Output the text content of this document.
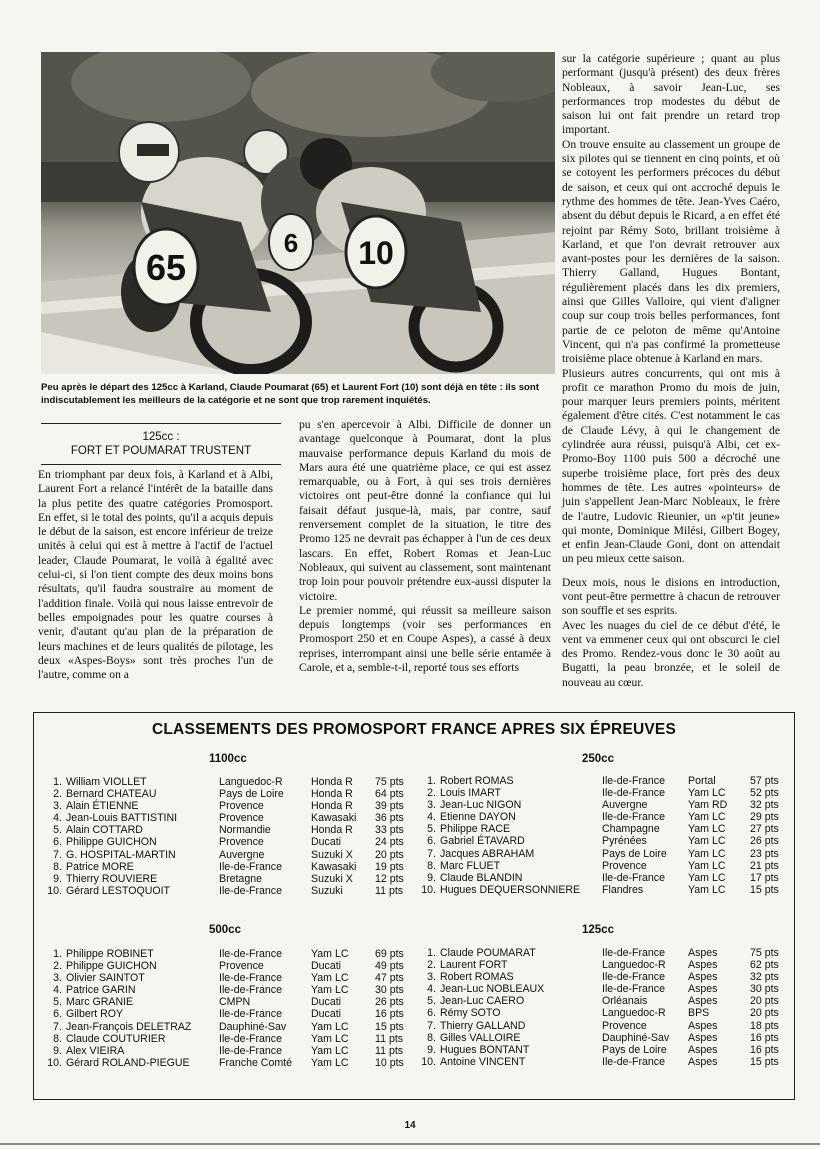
65
6 10

Peu après le départ des 125cc à Karland, Claude Poumarat (65) et Laurent Fort (10) sont déjà en tête : ils sont indiscutablement les meilleurs de la catégorie et ne sont que trop rarement inquiétés.

125cc :
FORT ET POUMARAT TRUSTENT

En triomphant par deux fois, à Karland et à Albi, Laurent Fort a relancé l'intérêt de la bataille dans la plus petite des quatre catégories Promosport. En effet, si le total des points, qu'il a acquis depuis le début de la saison, est encore inférieur de treize unités à celui qui est à mettre à l'actif de l'actuel leader, Claude Poumarat, le voilà à égalité avec celui-ci, si l'on tient compte des deux moins bons résultats, qu'il faudra soustraire au moment de l'addition finale. Voilà qui nous laisse entrevoir de belles empoignades pour les quatre courses à venir, d'autant qu'au plan de la préparation de leurs machines et de leurs qualités de pilotage, les deux «Aspes-Boys» sont très proches l'un de l'autre, comme on a

pu s'en apercevoir à Albi. Difficile de donner un avantage quelconque à Poumarat, dont la plus mauvaise performance depuis Karland du mois de Mars aura été une quatrième place, ce qui est assez remarquable, ou à Fort, à qui ses trois dernières victoires ont peut-être donné la confiance qui lui faisait défaut jusque-là, mais, par contre, sauf renversement complet de la situation, le titre des Promo 125 ne devrait pas échapper à l'un de ces deux lascars. En effet, Robert Romas et Jean-Luc Nobleaux, qui suivent au classement, sont maintenant trop loin pour pouvoir prétendre eux-aussi disputer la victoire.

Le premier nommé, qui réussit sa meilleure saison depuis longtemps (voir ses performances en Promosport 250 et en Coupe Aspes), a cassé à deux reprises, interrompant ainsi une belle série entamée à Carole, et a, semble-t-il, reporté tous ses efforts

sur la catégorie supérieure ; quant au plus performant (jusqu'à présent) des deux frères Nobleaux, à savoir Jean-Luc, ses performances trop modestes du début de saison lui ont fait prendre un retard trop important.

On trouve ensuite au classement un groupe de six pilotes qui se tiennent en cinq points, et où se cotoyent les performers précoces du début de saison, et ceux qui ont accroché depuis le rythme des hommes de tête. Jean-Yves Caéro, absent du début depuis le Ricard, a en effet été rejoint par Rémy Soto, brillant troisième à Karland, et que l'on devrait retrouver aux avant-postes pour les dernières de la saison. Thierry Galland, Hugues Bontant, régulièrement placés dans les dix premiers, ainsi que Gilles Valloire, qui vient d'aligner coup sur coup trois belles performances, font partie de ce peloton de même qu'Antoine Vincent, qui n'a pas confirmé la prometteuse troisième place obtenue à Karland en mars.

Plusieurs autres concurrents, qui ont mis à profit ce marathon Promo du mois de juin, pour marquer leurs premiers points, méritent également d'être cités. C'est notamment le cas de Claude Lévy, à qui le changement de cylindrée aura réussi, puisqu'à Albi, cet ex-Promo-Boy 1100 puis 500 a décroché une superbe troisième place, fort près des deux hommes de tête. Les autres «pointeurs» de juin s'appellent Jean-Marc Nobleaux, le frère de l'autre, Ludovic Rieunier, un «p'tit jeune» qui monte, Dominique Milési, Gilbert Bogey, et enfin Jean-Claude Goni, dont on attendait un peu mieux cette saison.

Deux mois, nous le disions en introduction, vont peut-être permettre à chacun de retrouver son souffle et ses esprits.

Avec les nuages du ciel de ce début d'été, le vent va emmener ceux qui ont obscurci le ciel des Promo. Rendez-vous donc le 30 août au Bugatti, la peau bronzée, et le soleil de nouveau au cœur.

CLASSEMENTS DES PROMOSPORT FRANCE APRES SIX ÉPREUVES
1100cc	250cc
500cc	125cc
1.	William VIOLLET	Languedoc-R	Honda R	75 pts
2.	Bernard CHATEAU	Pays de Loire	Honda R	64 pts
3.	Alain ÉTIENNE	Provence	Honda R	39 pts
4.	Jean-Louis BATTISTINI	Provence	Kawasaki	36 pts
5.	Alain COTTARD	Normandie	Honda R	33 pts
6.	Philippe GUICHON	Provence	Ducati	24 pts
7.	G. HOSPITAL-MARTIN	Auvergne	Suzuki X	20 pts
8.	Patrice MORE	Ile-de-France	Kawasaki	19 pts
9.	Thierry ROUVIERE	Bretagne	Suzuki X	12 pts
10.	Gérard LESTOQUOIT	Ile-de-France	Suzuki	11 pts
1.	Robert ROMAS	Ile-de-France	Portal	57 pts
2.	Louis IMART	Ile-de-France	Yam LC	52 pts
3.	Jean-Luc NIGON	Auvergne	Yam RD	32 pts
4.	Etienne DAYON	Ile-de-France	Yam LC	29 pts
5.	Philippe RACE	Champagne	Yam LC	27 pts
6.	Gabriel ÉTAVARD	Pyrénées	Yam LC	26 pts
7.	Jacques ABRAHAM	Pays de Loire	Yam LC	23 pts
8.	Marc FLUET	Provence	Yam LC	21 pts
9.	Claude BLANDIN	Ile-de-France	Yam LC	17 pts
10.	Hugues DEQUERSONNIERE	Flandres	Yam LC	15 pts
1.	Philippe ROBINET	Ile-de-France	Yam LC	69 pts
2.	Philippe GUICHON	Provence	Ducati	49 pts
3.	Olivier SAINTOT	Ile-de-France	Yam LC	47 pts
4.	Patrice GARIN	Ile-de-France	Yam LC	30 pts
5.	Marc GRANIE	CMPN	Ducati	26 pts
6.	Gilbert ROY	Ile-de-France	Ducati	16 pts
7.	Jean-François DELETRAZ	Dauphiné-Sav	Yam LC	15 pts
8.	Claude COUTURIER	Ile-de-France	Yam LC	11 pts
9.	Alex VIEIRA	Ile-de-France	Yam LC	11 pts
10.	Gérard ROLAND-PIEGUE	Franche Comté	Yam LC	10 pts
1.	Claude POUMARAT	Ile-de-France	Aspes	75 pts
2.	Laurent FORT	Languedoc-R	Aspes	62 pts
3.	Robert ROMAS	Ile-de-France	Aspes	32 pts
4.	Jean-Luc NOBLEAUX	Ile-de-France	Aspes	30 pts
5.	Jean-Luc CAERO	Orléanais	Aspes	20 pts
6.	Rémy SOTO	Languedoc-R	BPS	20 pts
7.	Thierry GALLAND	Provence	Aspes	18 pts
8.	Gilles VALLOIRE	Dauphiné-Sav	Aspes	16 pts
9.	Hugues BONTANT	Pays de Loire	Aspes	16 pts
10.	Antoine VINCENT	Ile-de-France	Aspes	15 pts
14
